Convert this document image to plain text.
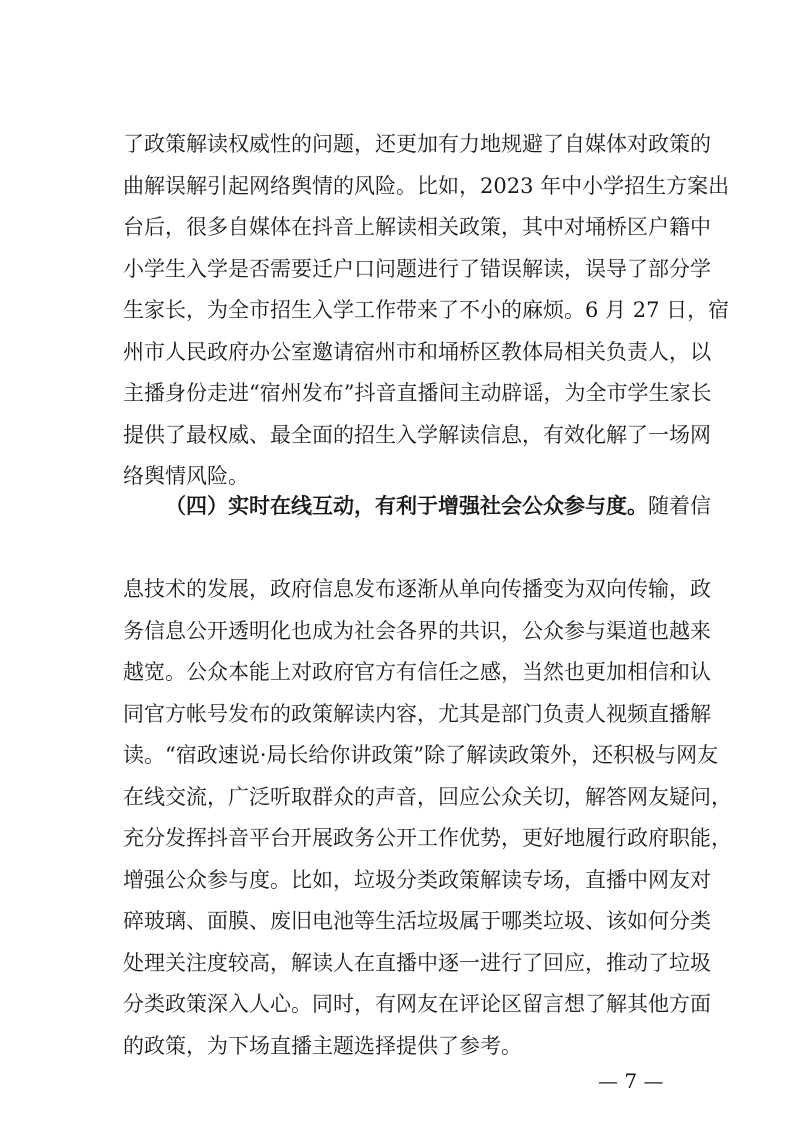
了政策解读权威性的问题，还更加有力地规避了自媒体对政策的
曲解误解引起网络舆情的风险。比如，2023 年中小学招生方案出
台后，很多自媒体在抖音上解读相关政策，其中对埇桥区户籍中
小学生入学是否需要迁户口问题进行了错误解读，误导了部分学
生家长，为全市招生入学工作带来了不小的麻烦。6 月 27 日，宿
州市人民政府办公室邀请宿州市和埇桥区教体局相关负责人，以
主播身份走进“宿州发布”抖音直播间主动辟谣，为全市学生家长
提供了最权威、最全面的招生入学解读信息，有效化解了一场网
络舆情风险。
（四）实时在线互动，有利于增强社会公众参与度。随着信
息技术的发展，政府信息发布逐渐从单向传播变为双向传输，政
务信息公开透明化也成为社会各界的共识，公众参与渠道也越来
越宽。公众本能上对政府官方有信任之感，当然也更加相信和认
同官方帐号发布的政策解读内容，尤其是部门负责人视频直播解
读。“宿政速说·局长给你讲政策”除了解读政策外，还积极与网友
在线交流，广泛听取群众的声音，回应公众关切，解答网友疑问，
充分发挥抖音平台开展政务公开工作优势，更好地履行政府职能，
增强公众参与度。比如，垃圾分类政策解读专场，直播中网友对
碎玻璃、面膜、废旧电池等生活垃圾属于哪类垃圾、该如何分类
处理关注度较高，解读人在直播中逐一进行了回应，推动了垃圾
分类政策深入人心。同时，有网友在评论区留言想了解其他方面
— 7 —
的政策，为下场直播主题选择提供了参考。
